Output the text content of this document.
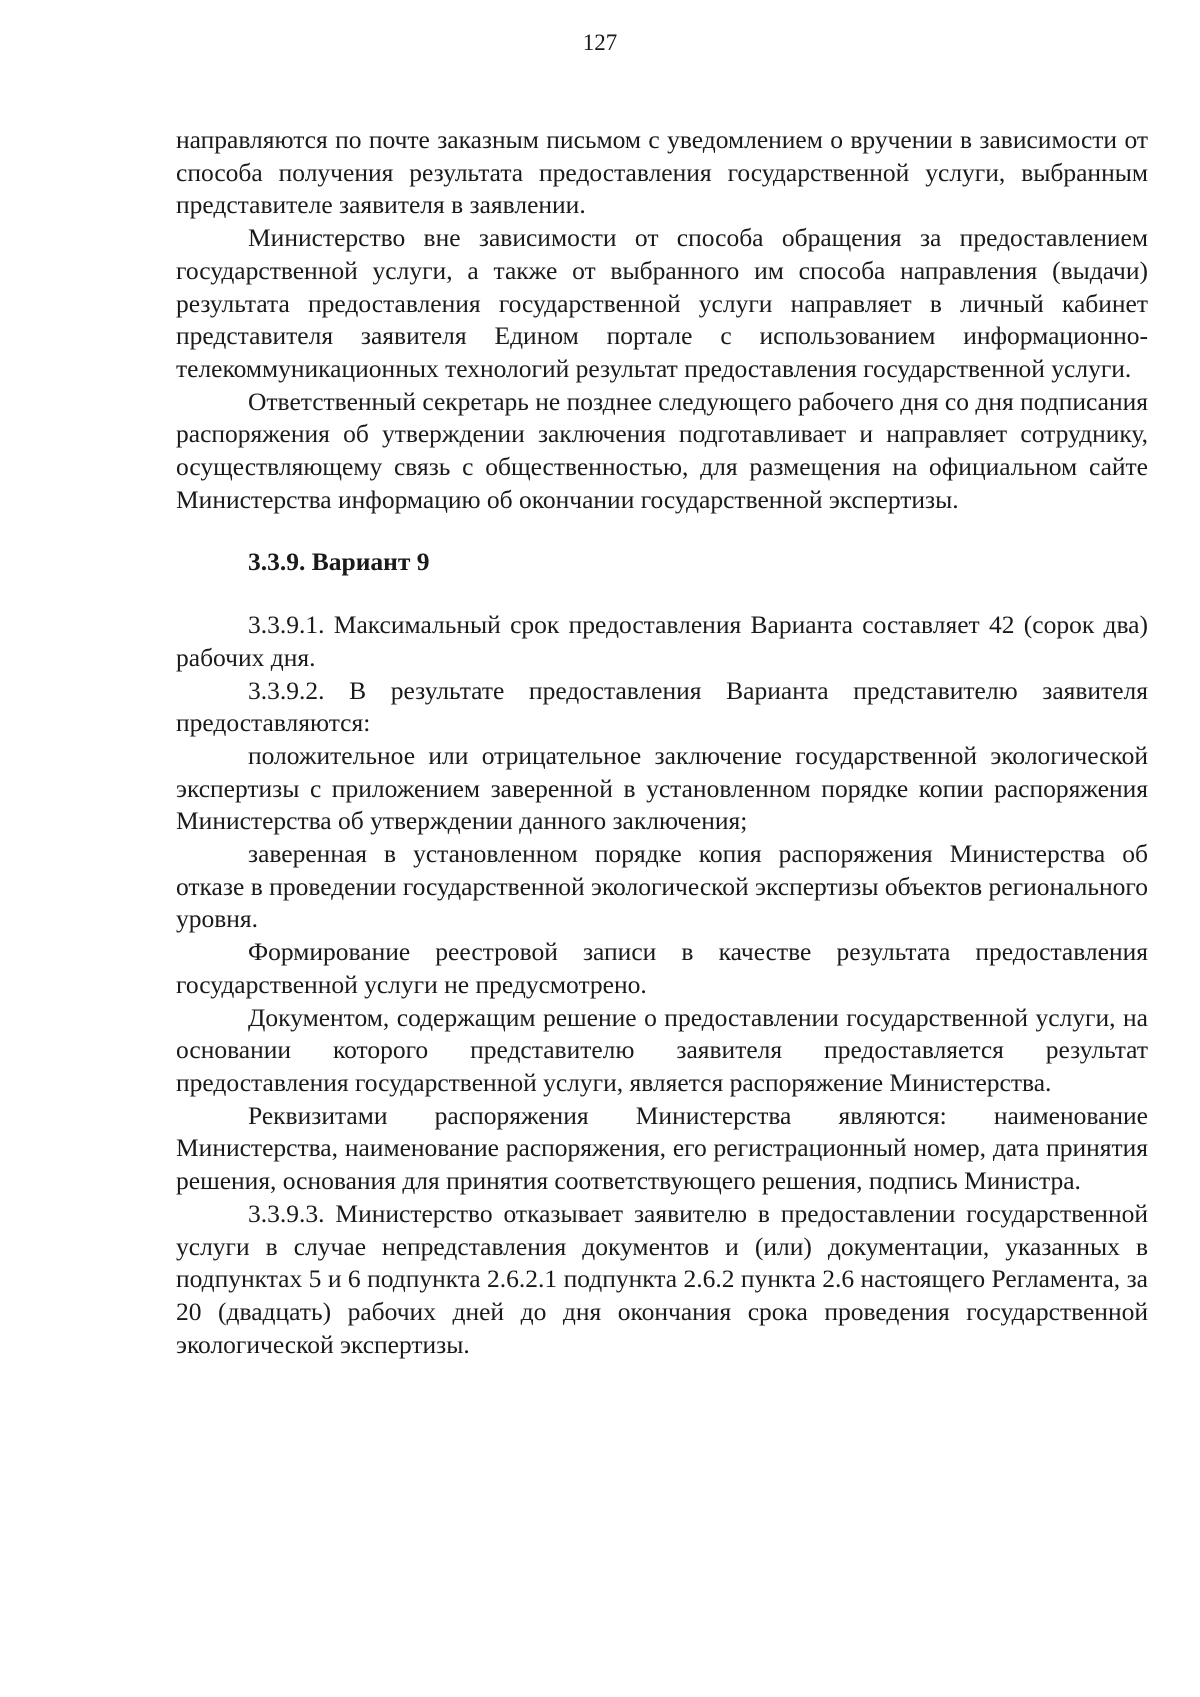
127

направляются по почте заказным письмом с уведомлением о вручении в зависимости от способа получения результата предоставления государственной услуги, выбранным представителе заявителя в заявлении.

Министерство вне зависимости от способа обращения за предоставлением государственной услуги, а также от выбранного им способа направления (выдачи) результата предоставления государственной услуги направляет в личный кабинет представителя заявителя Едином портале с использованием информационно-телекоммуникационных технологий результат предоставления государственной услуги.

Ответственный секретарь не позднее следующего рабочего дня со дня подписания распоряжения об утверждении заключения подготавливает и направляет сотруднику, осуществляющему связь с общественностью, для размещения на официальном сайте Министерства информацию об окончании государственной экспертизы.

3.3.9. Вариант 9

3.3.9.1. Максимальный срок предоставления Варианта составляет 42 (сорок два) рабочих дня.

3.3.9.2. В результате предоставления Варианта представителю заявителя предоставляются:

положительное или отрицательное заключение государственной экологической экспертизы с приложением заверенной в установленном порядке копии распоряжения Министерства об утверждении данного заключения;

заверенная в установленном порядке копия распоряжения Министерства об отказе в проведении государственной экологической экспертизы объектов регионального уровня.

Формирование реестровой записи в качестве результата предоставления государственной услуги не предусмотрено.

Документом, содержащим решение о предоставлении государственной услуги, на основании которого представителю заявителя предоставляется результат предоставления государственной услуги, является распоряжение Министерства.

Реквизитами распоряжения Министерства являются: наименование Министерства, наименование распоряжения, его регистрационный номер, дата принятия решения, основания для принятия соответствующего решения, подпись Министра.

3.3.9.3. Министерство отказывает заявителю в предоставлении государственной услуги в случае непредставления документов и (или) документации, указанных в подпунктах 5 и 6 подпункта 2.6.2.1 подпункта 2.6.2 пункта 2.6 настоящего Регламента, за 20 (двадцать) рабочих дней до дня окончания срока проведения государственной экологической экспертизы.
